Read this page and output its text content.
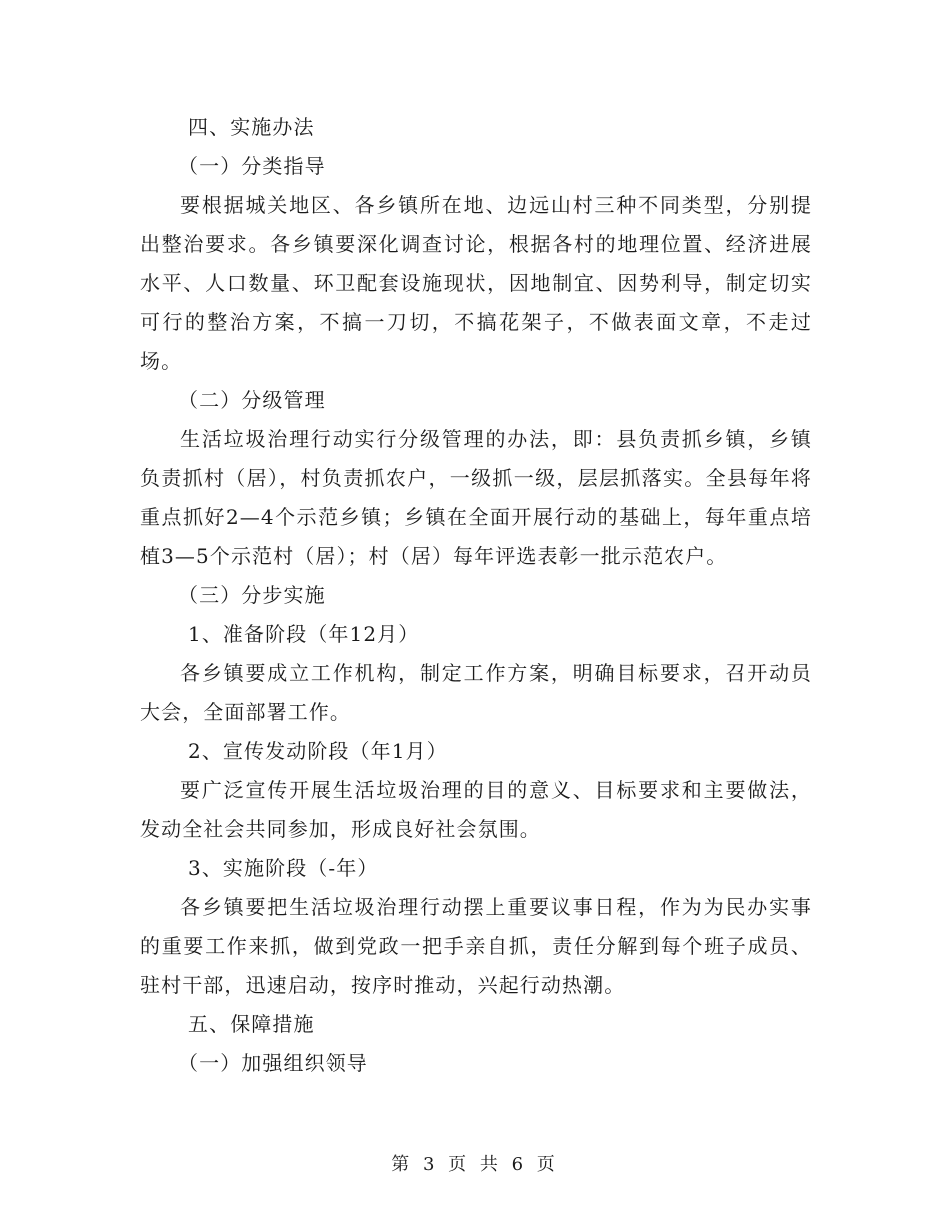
四、实施办法
（一）分类指导

要根据城关地区、各乡镇所在地、边远山村三种不同类型，分别提出整治要求。各乡镇要深化调查讨论，根据各村的地理位置、经济进展水平、人口数量、环卫配套设施现状，因地制宜、因势利导，制定切实可行的整治方案，不搞一刀切，不搞花架子，不做表面文章，不走过场。

（二）分级管理

生活垃圾治理行动实行分级管理的办法，即：县负责抓乡镇，乡镇负责抓村（居），村负责抓农户，一级抓一级，层层抓落实。全县每年将重点抓好2—4个示范乡镇；乡镇在全面开展行动的基础上，每年重点培植3—5个示范村（居）；村（居）每年评选表彰一批示范农户。

（三）分步实施
1、准备阶段（年12月）

各乡镇要成立工作机构，制定工作方案，明确目标要求，召开动员大会，全面部署工作。

2、宣传发动阶段（年1月）

要广泛宣传开展生活垃圾治理的目的意义、目标要求和主要做法，发动全社会共同参加，形成良好社会氛围。

3、实施阶段（-年）

各乡镇要把生活垃圾治理行动摆上重要议事日程，作为为民办实事的重要工作来抓，做到党政一把手亲自抓，责任分解到每个班子成员、驻村干部，迅速启动，按序时推动，兴起行动热潮。

五、保障措施
（一）加强组织领导
第 3 页 共 6 页
